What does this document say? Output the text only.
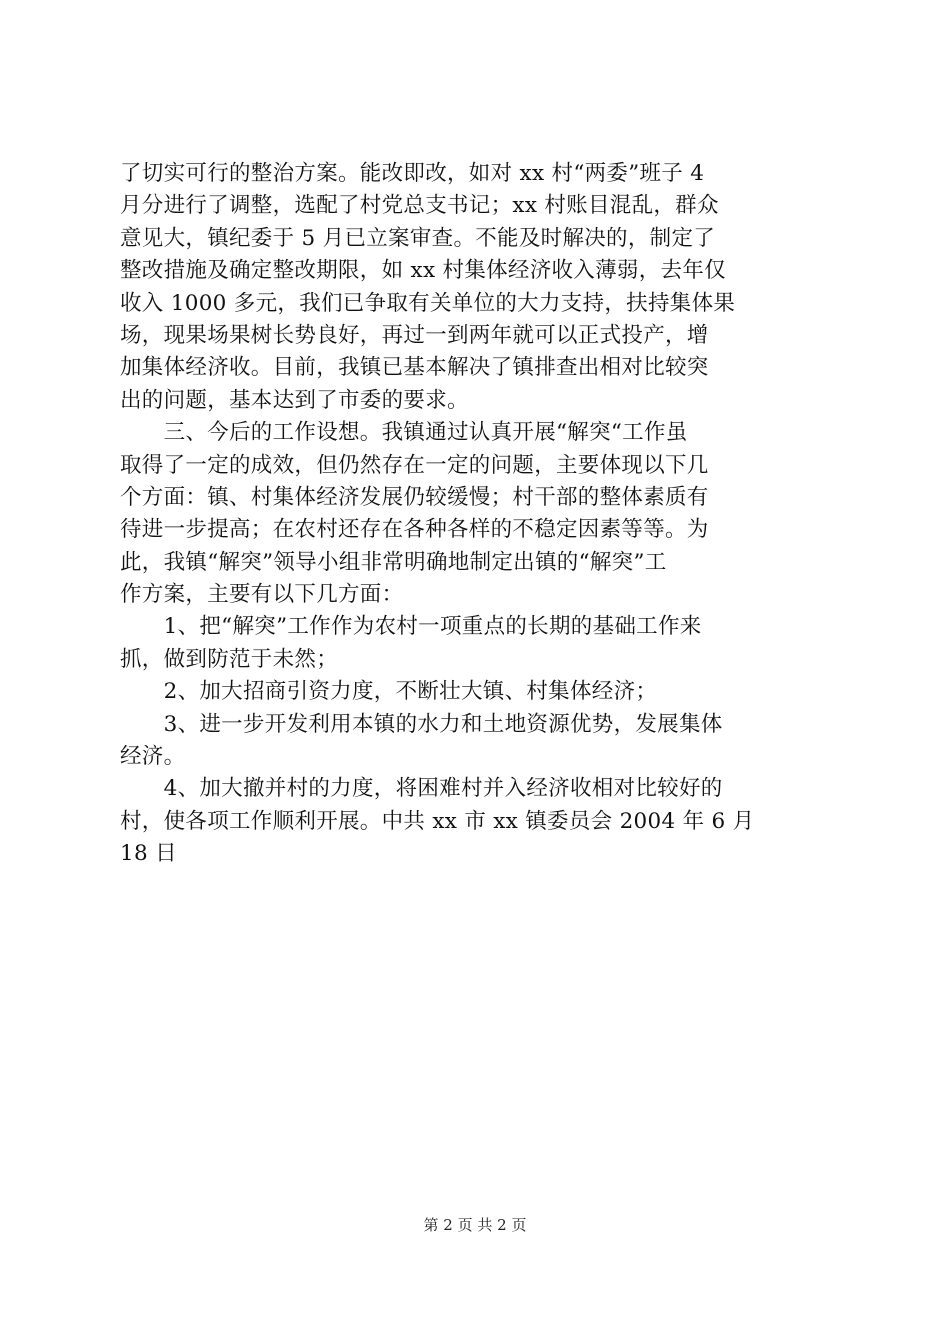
了切实可行的整治方案。能改即改，如对 xx 村“两委”班子 4
月分进行了调整，选配了村党总支书记；xx 村账目混乱，群众
意见大，镇纪委于 5 月已立案审查。不能及时解决的，制定了
整改措施及确定整改期限，如 xx 村集体经济收入薄弱，去年仅
收入 1000 多元，我们已争取有关单位的大力支持，扶持集体果
场，现果场果树长势良好，再过一到两年就可以正式投产，增
加集体经济收。目前，我镇已基本解决了镇排查出相对比较突
出的问题，基本达到了市委的要求。
　　三、今后的工作设想。我镇通过认真开展“解突“工作虽
取得了一定的成效，但仍然存在一定的问题，主要体现以下几
个方面：镇、村集体经济发展仍较缓慢；村干部的整体素质有
待进一步提高；在农村还存在各种各样的不稳定因素等等。为
此，我镇“解突”领导小组非常明确地制定出镇的“解突”工
作方案，主要有以下几方面：
　　1、把“解突”工作作为农村一项重点的长期的基础工作来
抓，做到防范于未然；
　　2、加大招商引资力度，不断壮大镇、村集体经济；
　　3、进一步开发利用本镇的水力和土地资源优势，发展集体
经济。
　　4、加大撤并村的力度，将困难村并入经济收相对比较好的
村，使各项工作顺利开展。中共 xx 市 xx 镇委员会 2004 年 6 月
18 日
第 2 页 共 2 页
